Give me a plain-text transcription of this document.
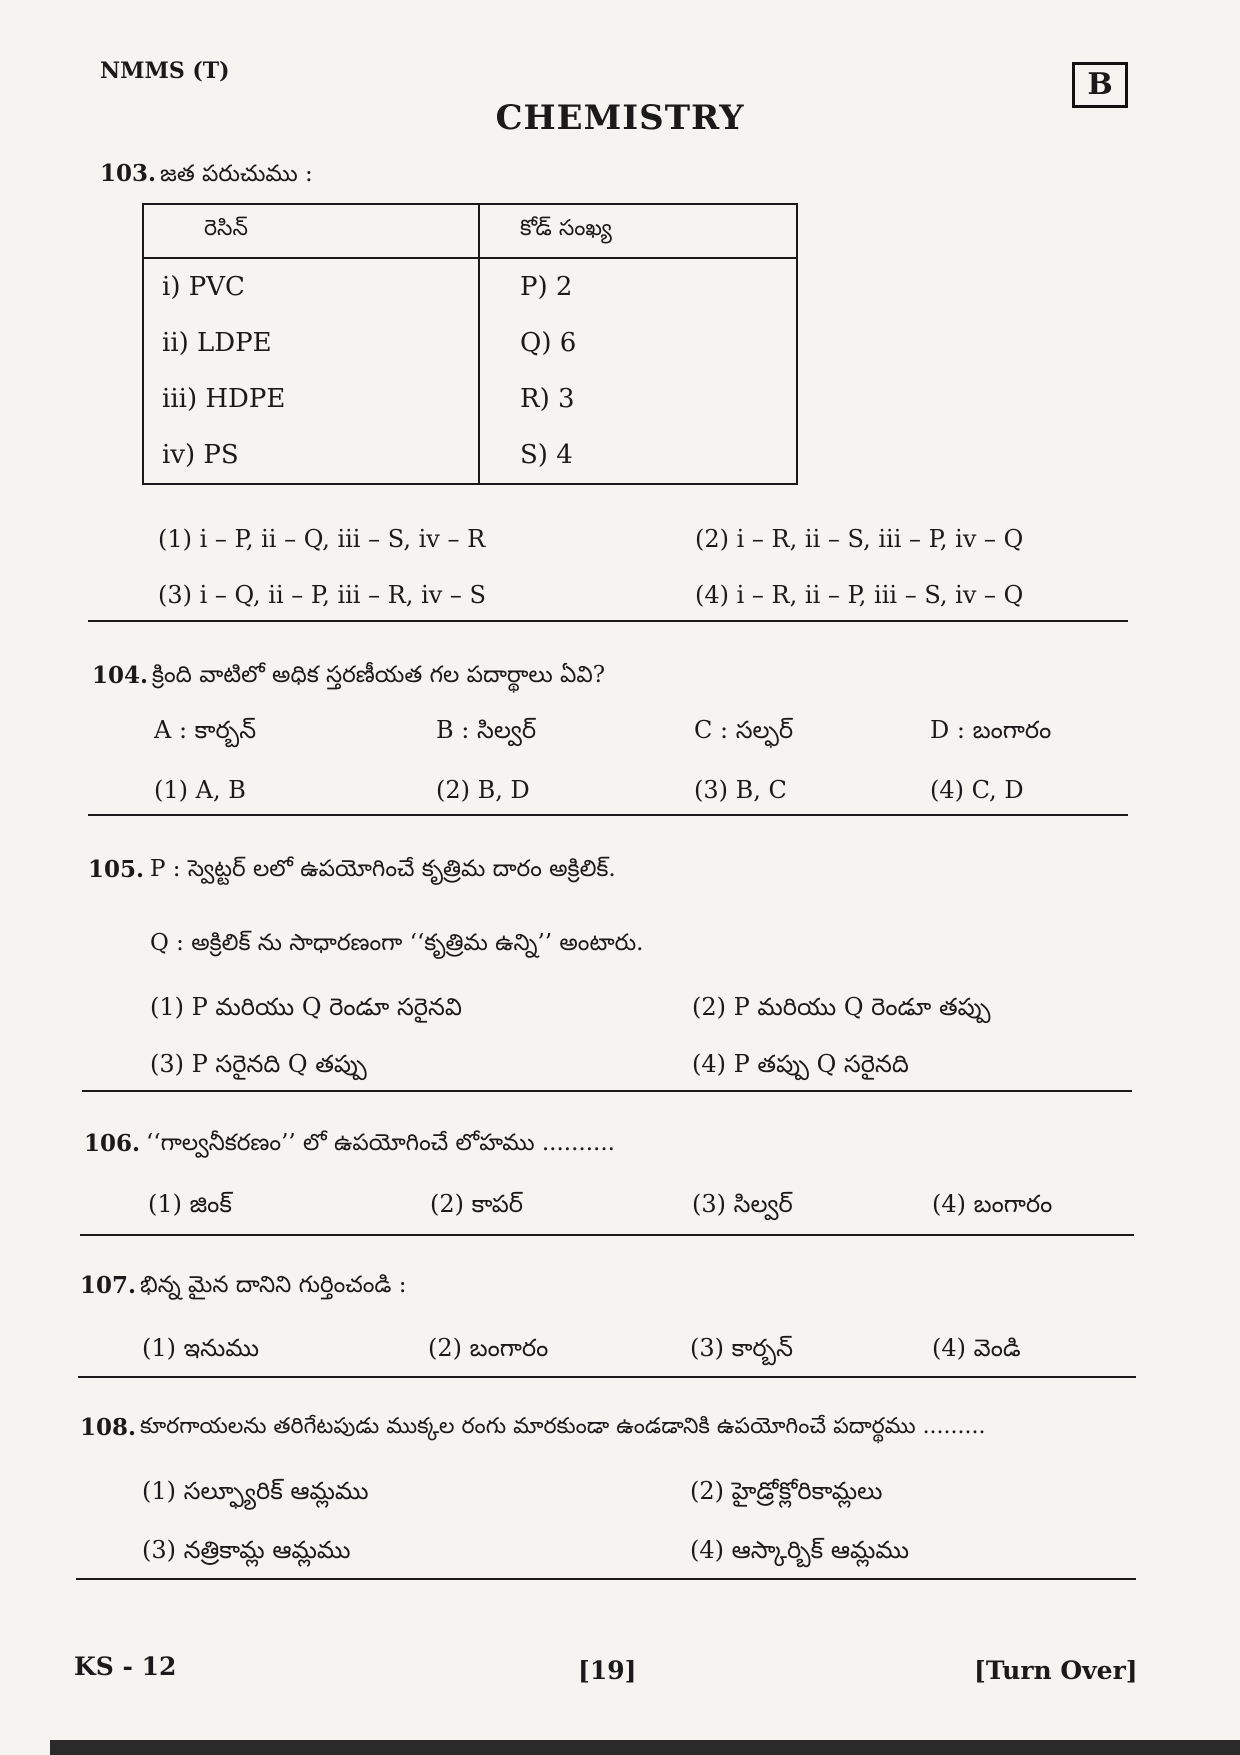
NMMS (T)	B
CHEMISTRY
103. జత పరుచుము :
రెసిన్	కోడ్ సంఖ్య
i) PVC	P) 2
ii) LDPE	Q) 6
iii) HDPE	R) 3
iv) PS	S) 4
(1) i – P, ii – Q, iii – S, iv – R	(2) i – R, ii – S, iii – P, iv – Q
(3) i – Q, ii – P, iii – R, iv – S	(4) i – R, ii – P, iii – S, iv – Q
104. క్రింది వాటిలో అధిక స్తరణీయత గల పదార్థాలు ఏవి?
A : కార్బన్	B : సిల్వర్	C : సల్ఫర్	D : బంగారం
(1) A, B	(2) B, D	(3) B, C	(4) C, D
105. P : స్వెట్టర్ లలో ఉపయోగించే కృత్రిమ దారం అక్రిలిక్.
Q : అక్రిలిక్ ను సాధారణంగా ‘‘కృత్రిమ ఉన్ని’’ అంటారు.
(1) P మరియు Q రెండూ సరైనవి	(2) P మరియు Q రెండూ తప్పు
(3) P సరైనది Q తప్పు	(4) P తప్పు Q సరైనది
106. ‘‘గాల్వనీకరణం’’ లో ఉపయోగించే లోహము ..........
(1) జింక్	(2) కాపర్	(3) సిల్వర్	(4) బంగారం
107. భిన్న మైన దానిని గుర్తించండి :
(1) ఇనుము	(2) బంగారం	(3) కార్బన్	(4) వెండి
108. కూరగాయలను తరిగేటపుడు ముక్కల రంగు మారకుండా ఉండడానికి ఉపయోగించే పదార్థము .........
(1) సల్ఫ్యూరిక్ ఆమ్లము	(2) హైడ్రోక్లోరికామ్లలు
(3) నత్రికామ్ల ఆమ్లము	(4) ఆస్కార్బిక్ ఆమ్లము
KS - 12	[19]	[Turn Over]
